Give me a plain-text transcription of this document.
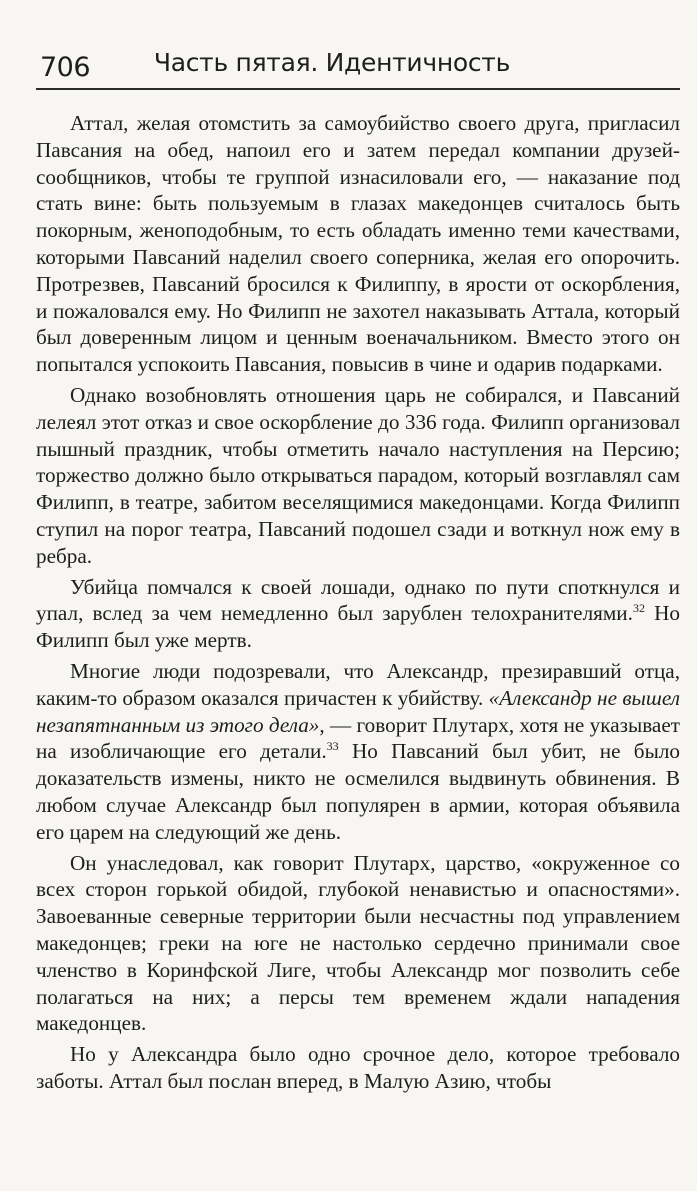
706	Часть пятая. Идентичность

Аттал, желая отомстить за самоубийство своего друга, пригласил Павсания на обед, напоил его и затем передал компании друзей-сообщников, чтобы те группой изнасиловали его, — наказание под стать вине: быть пользуемым в глазах македонцев считалось быть покорным, женоподобным, то есть обладать именно теми качествами, которыми Павсаний наделил своего соперника, желая его опорочить. Протрезвев, Павсаний бросился к Филиппу, в ярости от оскорбления, и пожаловался ему. Но Филипп не захотел наказывать Аттала, который был доверенным лицом и ценным военачальником. Вместо этого он попытался успокоить Павсания, повысив в чине и одарив подарками.

Однако возобновлять отношения царь не собирался, и Павсаний лелеял этот отказ и свое оскорбление до 336 года. Филипп организовал пышный праздник, чтобы отметить начало наступления на Персию; торжество должно было открываться парадом, который возглавлял сам Филипп, в театре, забитом веселящимися македонцами. Когда Филипп ступил на порог театра, Павсаний подошел сзади и воткнул нож ему в ребра.

Убийца помчался к своей лошади, однако по пути споткнулся и упал, вслед за чем немедленно был зарублен телохранителями.$^{32}$ Но Филипп был уже мертв.

Многие люди подозревали, что Александр, презиравший отца, каким-то образом оказался причастен к убийству. «Александр не вышел незапятнанным из этого дела», — говорит Плутарх, хотя не указывает на изобличающие его детали.$^{33}$ Но Павсаний был убит, не было доказательств измены, никто не осмелился выдвинуть обвинения. В любом случае Александр был популярен в армии, которая объявила его царем на следующий же день.

Он унаследовал, как говорит Плутарх, царство, «окруженное со всех сторон горькой обидой, глубокой ненавистью и опасностями». Завоеванные северные территории были несчастны под управлением македонцев; греки на юге не настолько сердечно принимали свое членство в Коринфской Лиге, чтобы Александр мог позволить себе полагаться на них; а персы тем временем ждали нападения македонцев.

Но у Александра было одно срочное дело, которое требовало заботы. Аттал был послан вперед, в Малую Азию, чтобы
